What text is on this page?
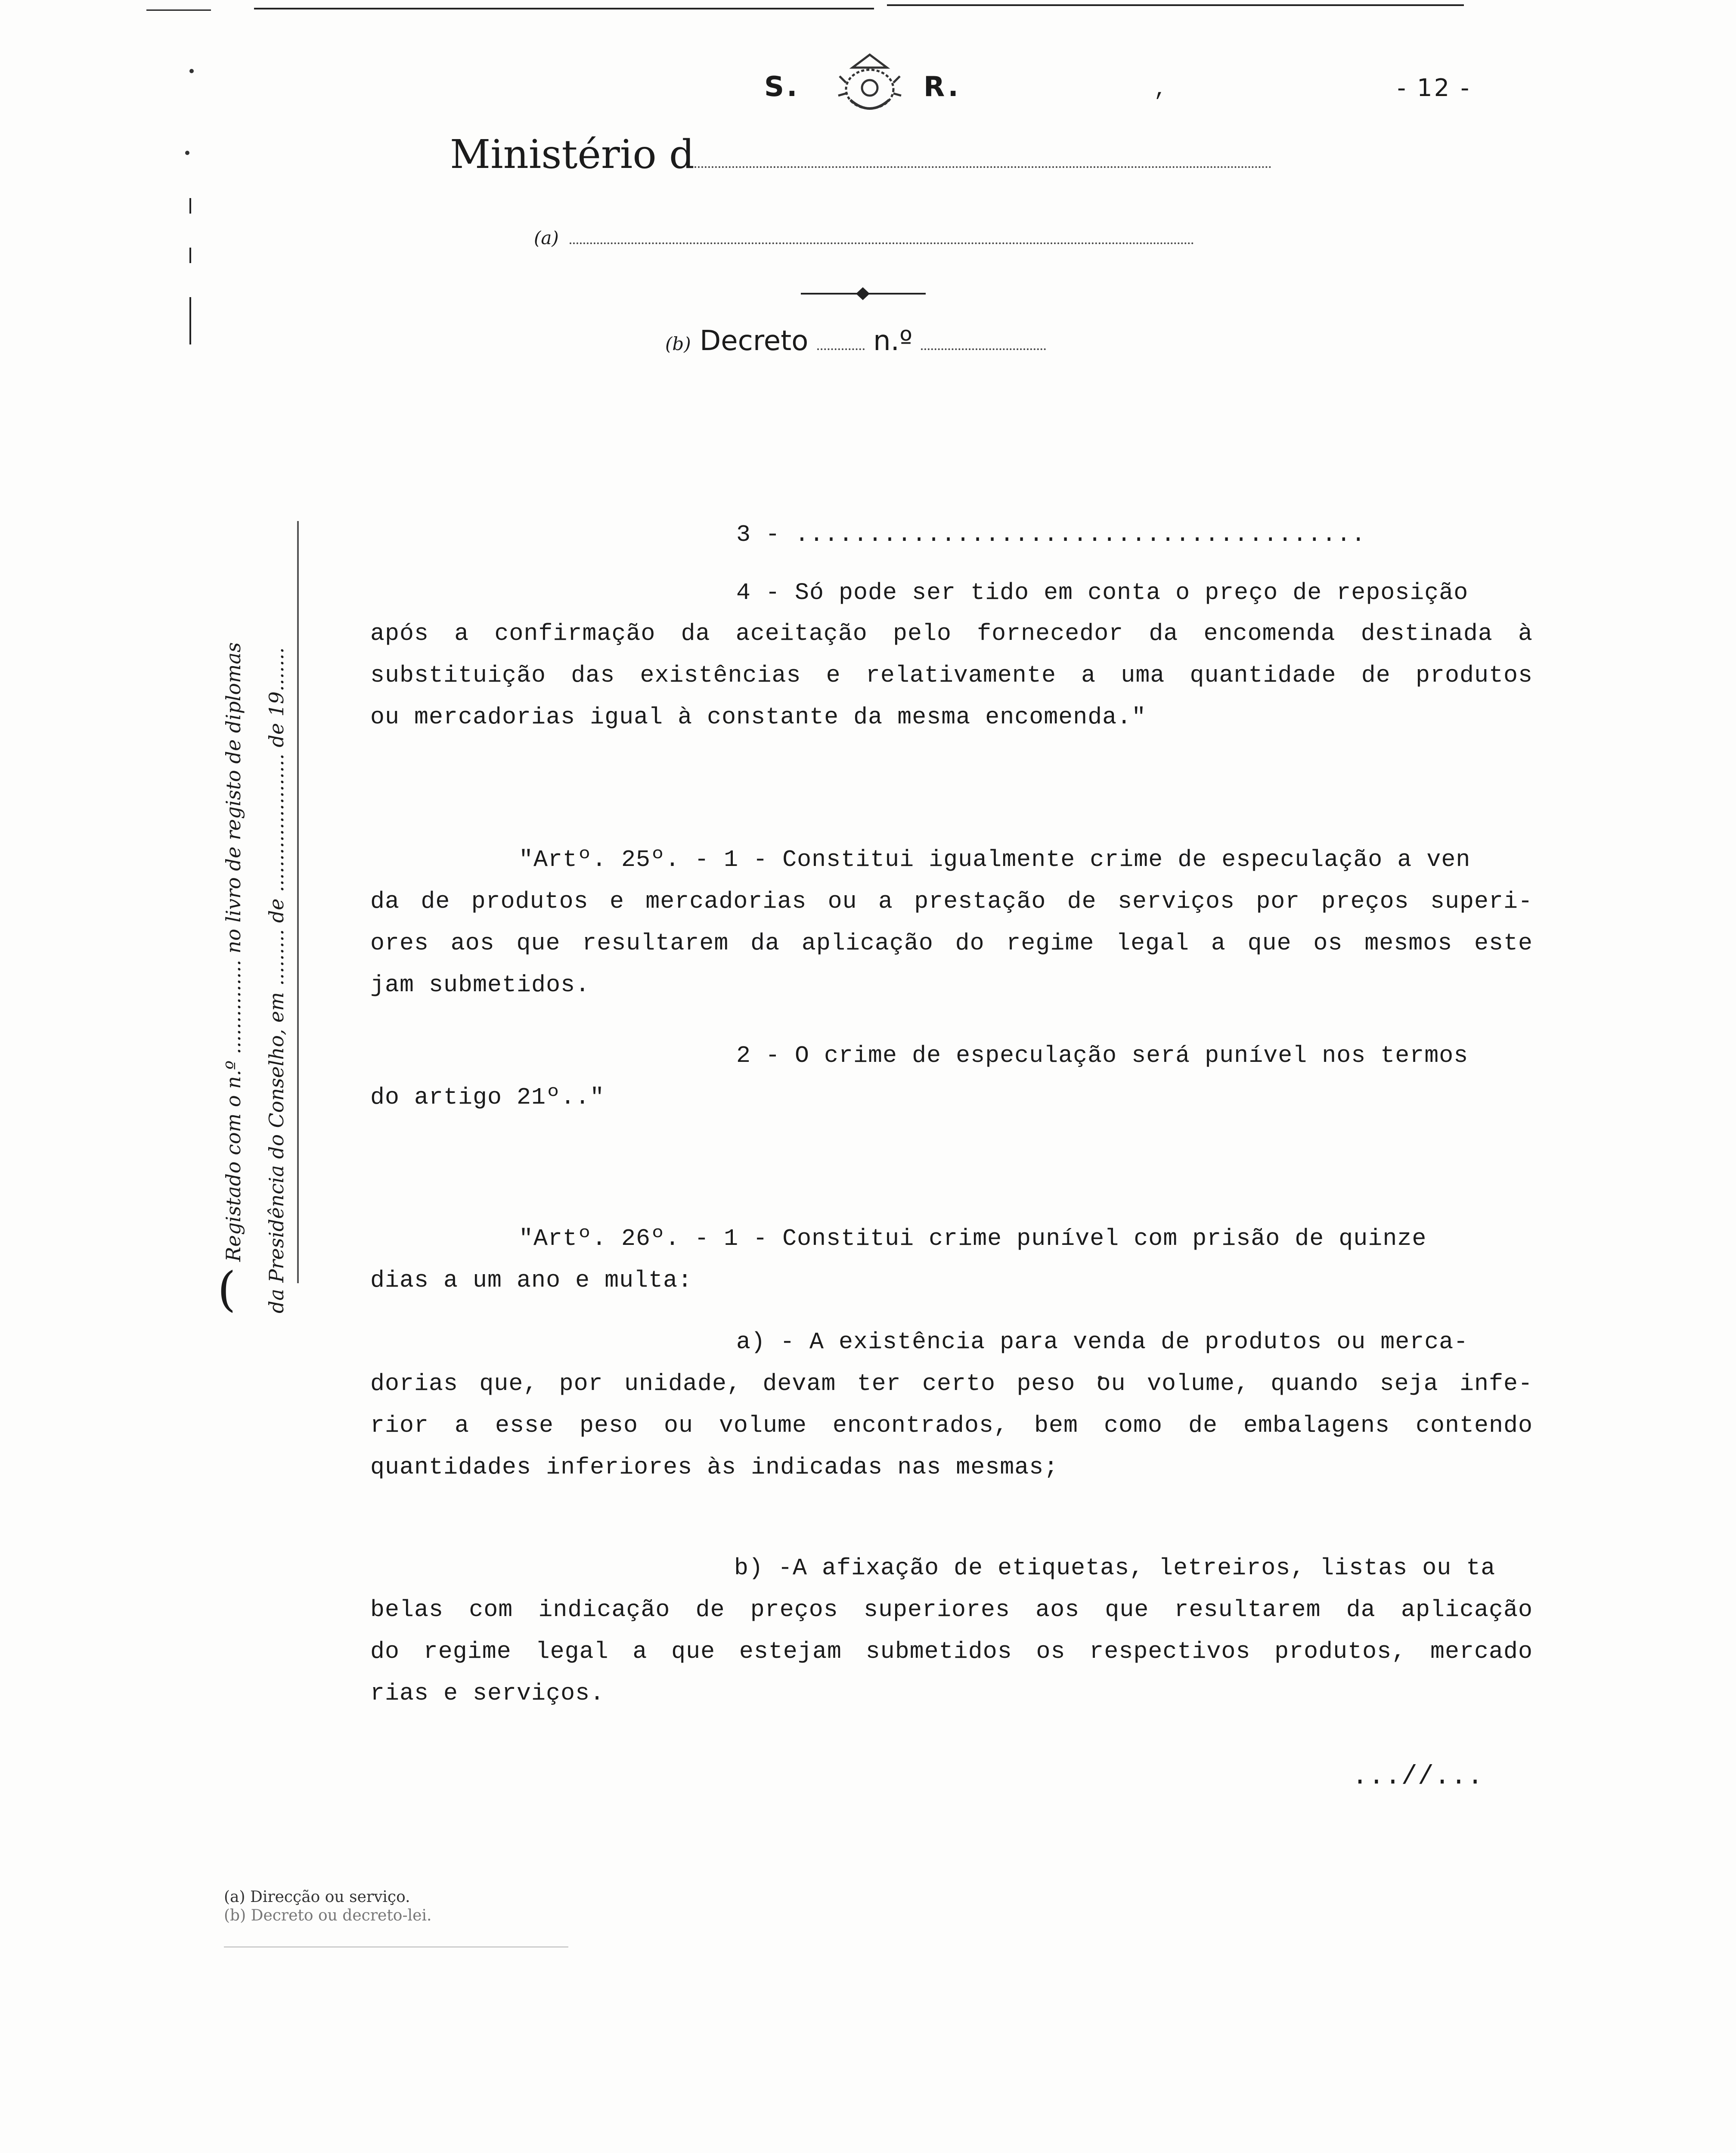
S.	R.	,	- 12 -
Ministério d
(a)
(b) Decreto n.º
(
Registado com o n.º ............... no livro de registo de diplomas da Presidência do Conselho, em ......... de ...................... de 19.......
3 - .......................................
4 - Só pode ser tido em conta o preço de reposição
após a confirmação da aceitação pelo fornecedor da encomenda destinada à
substituição das existências e relativamente a uma quantidade de produtos
ou mercadorias igual à constante da mesma encomenda."
"Artº. 25º. - 1 - Constitui igualmente crime de especulação a ven
da de produtos e mercadorias ou a prestação de serviços por preços superi-
ores aos que resultarem da aplicação do regime legal a que os mesmos este
jam submetidos.
2 - O crime de especulação será punível nos termos
do artigo 21º.."
"Artº. 26º. - 1 - Constitui crime punível com prisão de quinze
dias a um ano e multa:
a) - A existência para venda de produtos ou merca-
dorias que, por unidade, devam ter certo peso ou volume, quando seja infe-
rior a esse peso ou volume encontrados, bem como de embalagens contendo
quantidades inferiores às indicadas nas mesmas;
b) -A afixação de etiquetas, letreiros, listas ou ta
belas com indicação de preços superiores aos que resultarem da aplicação
do regime legal a que estejam submetidos os respectivos produtos, mercado
rias e serviços.
...//...
(a) Direcção ou serviço.
(b) Decreto ou decreto-lei.
